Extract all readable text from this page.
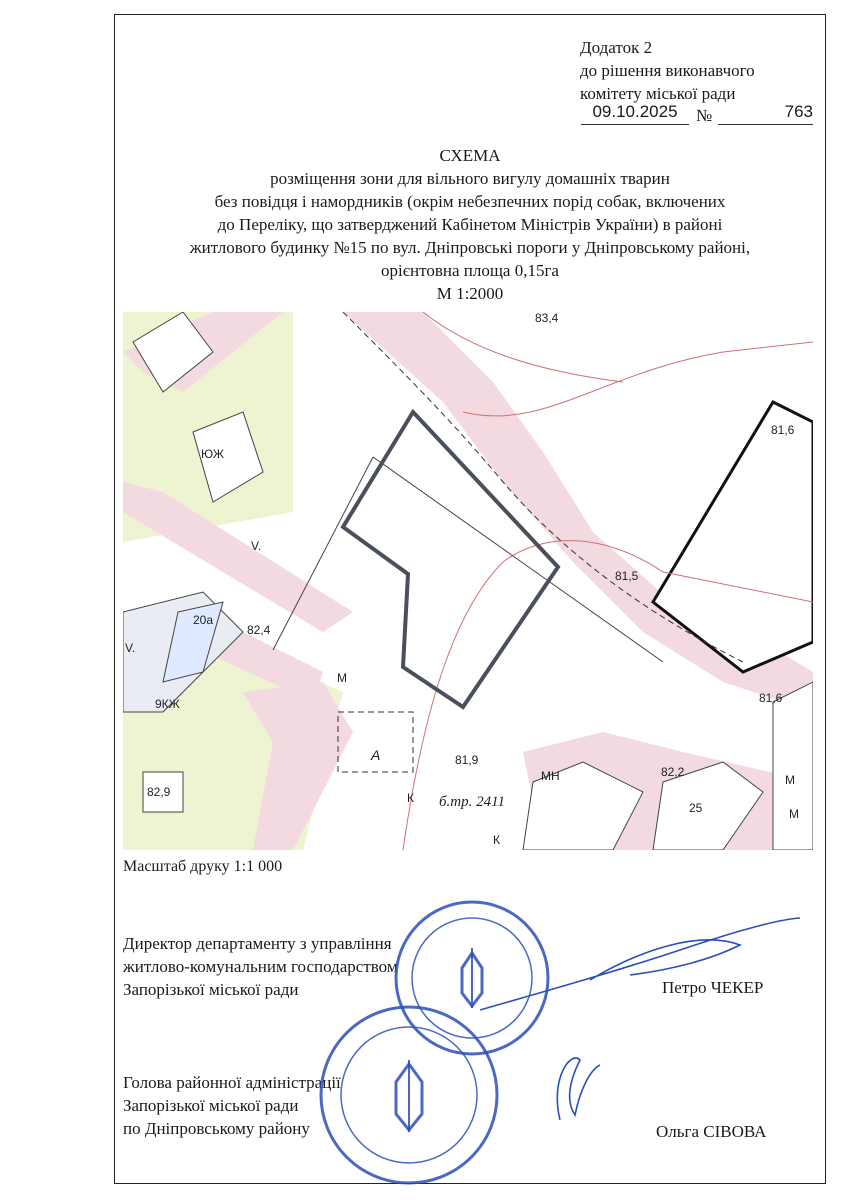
Додаток 2
до рішення виконавчого
комітету міської ради
09.10.2025	№	763
СХЕМА
розміщення зони для вільного вигулу домашніх тварин
без повідця і намордників (окрім небезпечних порід собак, включених
до Переліку, що затверджений Кабінетом Міністрів України) в районі
житлового будинку №15 по вул. Дніпровські пороги у Дніпровському районі,
орієнтовна площа 0,15га
М 1:2000
83,4
81,6
81,5
81,6
82,4
82,9
81,9
82,2
ЮЖ
9КЖ
20а
25
А
М
М
М
К
К
МН
V.
V.
б.тр. 2411
Масштаб друку 1:1 000
Директор департаменту з управління
житлово-комунальним господарством
Запорізької міської ради	Петро ЧЕКЕР
Голова районної адміністрації
Запорізької міської ради
по Дніпровському району	Ольга СІВОВА
